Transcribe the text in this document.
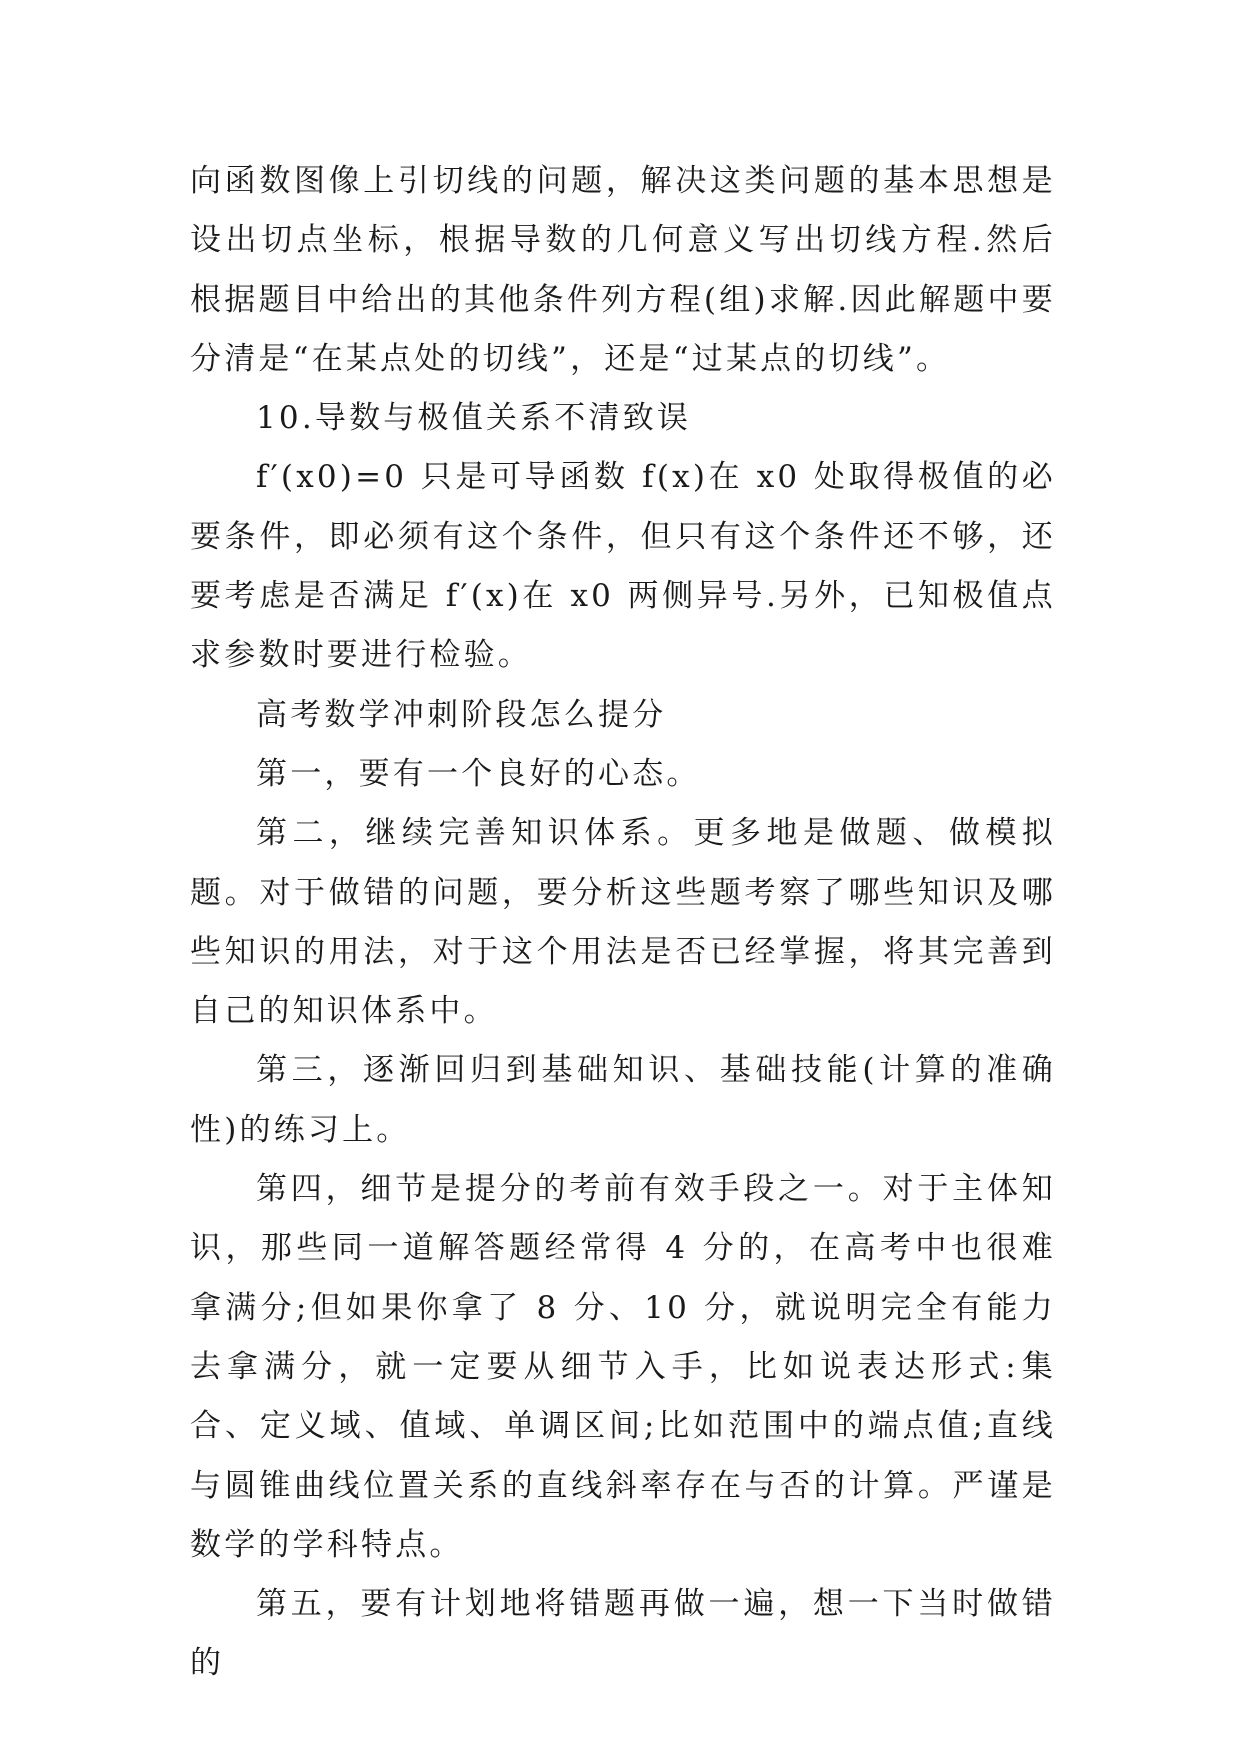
向函数图像上引切线的问题，解决这类问题的基本思想是设出切点坐标，根据导数的几何意义写出切线方程.然后根据题目中给出的其他条件列方程(组)求解.因此解题中要分清是“在某点处的切线”，还是“过某点的切线”。

10.导数与极值关系不清致误

f′(x0)=0 只是可导函数 f(x)在 x0 处取得极值的必要条件，即必须有这个条件，但只有这个条件还不够，还要考虑是否满足 f′(x)在 x0 两侧异号.另外，已知极值点求参数时要进行检验。

高考数学冲刺阶段怎么提分

第一，要有一个良好的心态。

第二，继续完善知识体系。更多地是做题、做模拟题。对于做错的问题，要分析这些题考察了哪些知识及哪些知识的用法，对于这个用法是否已经掌握，将其完善到自己的知识体系中。

第三，逐渐回归到基础知识、基础技能(计算的准确性)的练习上。

第四，细节是提分的考前有效手段之一。对于主体知识，那些同一道解答题经常得 4 分的，在高考中也很难拿满分;但如果你拿了 8 分、10 分，就说明完全有能力去拿满分，就一定要从细节入手，比如说表达形式:集合、定义域、值域、单调区间;比如范围中的端点值;直线与圆锥曲线位置关系的直线斜率存在与否的计算。严谨是数学的学科特点。

第五，要有计划地将错题再做一遍，想一下当时做错的
